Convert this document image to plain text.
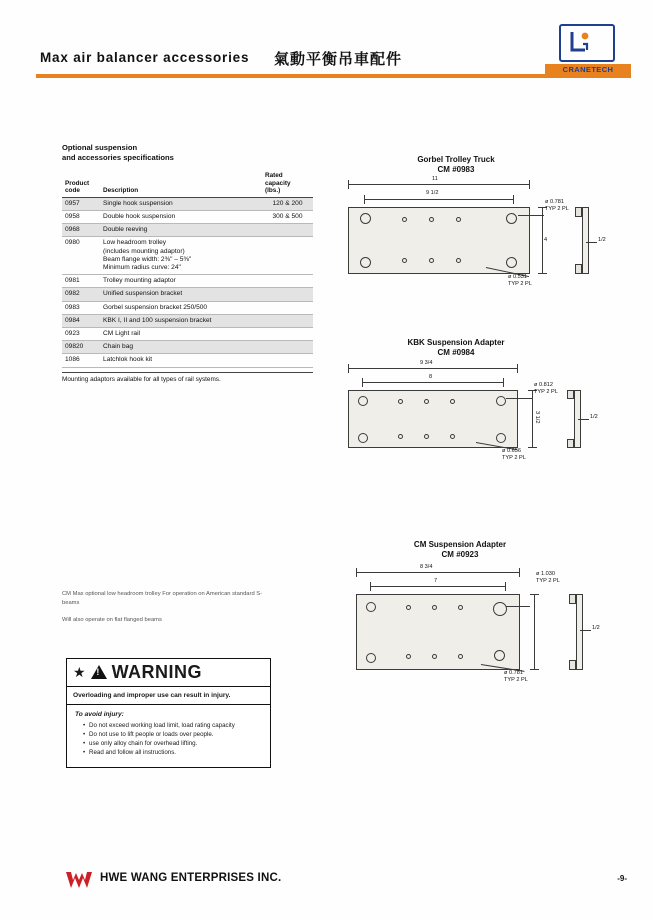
Max air balancer accessories 氣動平衡吊車配件
CRANETECH
Optional suspension
and accessories specifications
Product
code	Description	
Rated
capacity
(lbs.)

0957	Single hook suspension	120 & 200
0958	Double hook suspension	300 & 500
0968	Double reeving	

0980	Low headroom trolley
(includes mounting adaptor)
Beam flange width: 2⅜" – 5⅜"
Minimum radius curve: 24"	

0981	Trolley mounting adaptor	

0982	Unified suspension bracket	

0983	Gorbel suspension bracket 250/500	

0984	KBK I, II and 100 suspension bracket	

0923	CM Light rail	

09820	Chain bag	

1086	Latchlok hook kit	

Mounting adaptors available for all types of rail systems.

CM Max optional low headroom trolley For operation on American standard S-beams

Will also operate on flat flanged beams

★ ! WARNING
Overloading and improper use can result in injury.
To avoid injury:
• Do not exceed working load limit, load rating capacity
• Do not use to lift people or loads over people.
• use only alloy chain for overhead lifting.
• Read and follow all instructions.
Gorbel Trolley Truck
CM #0983
11
9 1/2
4
ø 0.781
TYP 2 PL
ø 0.531
TYP 2 PL
1/2
KBK Suspension Adapter
CM #0984
9 3/4
8
3 1/2
ø 0.812
TYP 2 PL
ø 0.656
TYP 2 PL
1/2
CM Suspension Adapter
CM #0923
8 3/4
7
ø 1.030
TYP 2 PL
ø 0.781
TYP 2 PL
1/2
HWE WANG ENTERPRISES INC.	-9-
